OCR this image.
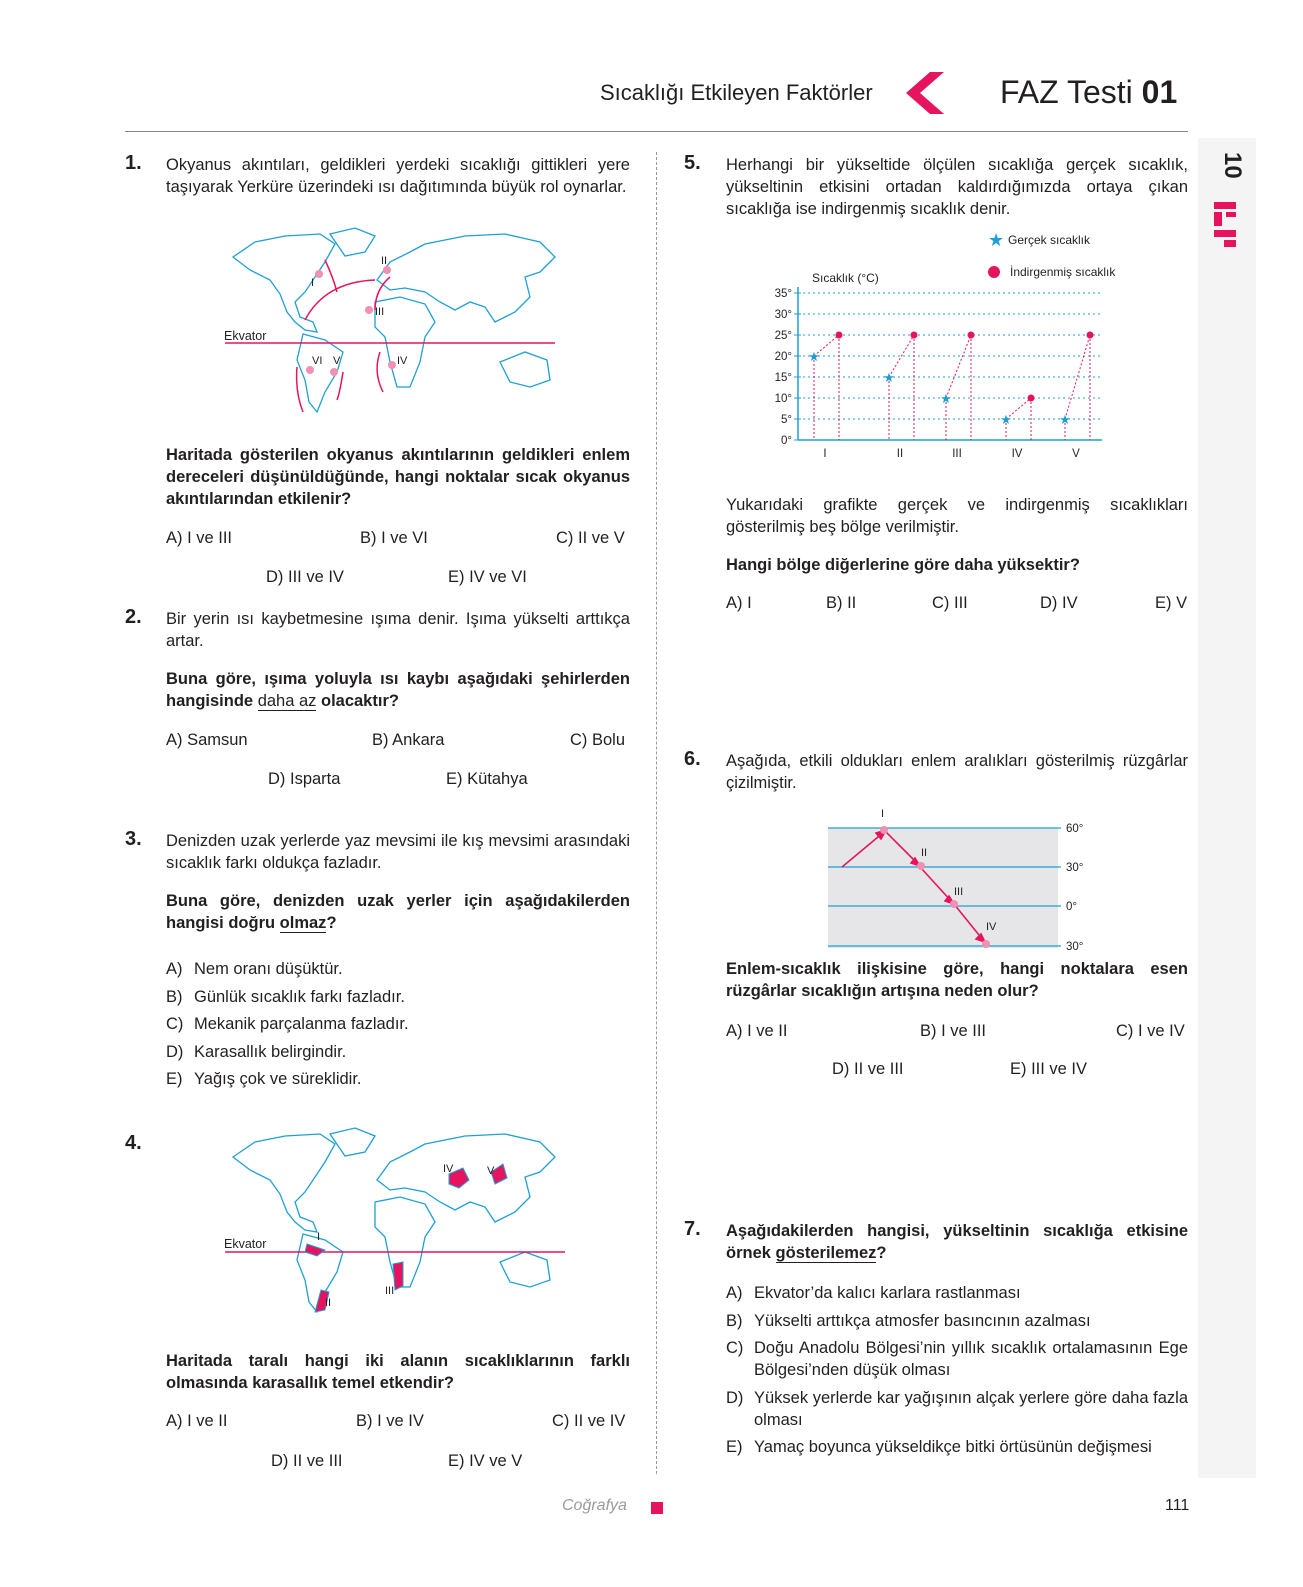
Sıcaklığı Etkileyen Faktörler	FAZ Testi 01
10
1. Okyanus akıntıları, geldikleri yerdeki sıcaklığı gittikleri yere taşıyarak Yerküre üzerindeki ısı dağıtımında büyük rol oynarlar.
Ekvator
I
II
III
IV
V
VI
Haritada gösterilen okyanus akıntılarının geldikleri enlem dereceleri düşünüldüğünde, hangi noktalar sıcak okyanus akıntılarından etkilenir?
A) I ve III	B) I ve VI	C) II ve V
D) III ve IV	E) IV ve VI
2. Bir yerin ısı kaybetmesine ışıma denir. Işıma yükselti arttıkça artar.
Buna göre, ışıma yoluyla ısı kaybı aşağıdaki şehirlerden hangisinde daha az olacaktır?
A) Samsun	B) Ankara	C) Bolu
D) Isparta	E) Kütahya
3. Denizden uzak yerlerde yaz mevsimi ile kış mevsimi arasındaki sıcaklık farkı oldukça fazladır.
Buna göre, denizden uzak yerler için aşağıdakilerden hangisi doğru olmaz?
A) Nem oranı düşüktür.
B) Günlük sıcaklık farkı fazladır.
C) Mekanik parçalanma fazladır.
D) Karasallık belirgindir.
E) Yağış çok ve süreklidir.
4.
Ekvator	I
II
III
IV	V
Haritada taralı hangi iki alanın sıcaklıklarının farklı olmasında karasallık temel etkendir?
A) I ve II	B) I ve IV	C) II ve IV
D) II ve III	E) IV ve V
5. Herhangi bir yükseltide ölçülen sıcaklığa gerçek sıcaklık, yükseltinin etkisini ortadan kaldırdığımızda ortaya çıkan sıcaklığa ise indirgenmiş sıcaklık denir.
★
★
★
★	★
0°
5°
10°
15°
20°
25°
30°
35°
I	II	III	IV	V
Sıcaklık (°C)
★ Gerçek sıcaklık
İndirgenmiş sıcaklık
Yukarıdaki grafikte gerçek ve indirgenmiş sıcaklıkları gösterilmiş beş bölge verilmiştir.
Hangi bölge diğerlerine göre daha yüksektir?
A) I	B) II	C) III	D) IV	E) V
6. Aşağıda, etkili oldukları enlem aralıkları gösterilmiş rüzgârlar çizilmiştir.
60°
30°
0°
30°
I
II
III
IV
Enlem-sıcaklık ilişkisine göre, hangi noktalara esen rüzgârlar sıcaklığın artışına neden olur?
A) I ve II	B) I ve III	C) I ve IV
D) II ve III	E) III ve IV
7. Aşağıdakilerden hangisi, yükseltinin sıcaklığa etkisine örnek gösterilemez?
A) Ekvator’da kalıcı karlara rastlanması
B) Yükselti arttıkça atmosfer basıncının azalması
C) Doğu Anadolu Bölgesi’nin yıllık sıcaklık ortalamasının Ege Bölgesi’nden düşük olması
D) Yüksek yerlerde kar yağışının alçak yerlere göre daha fazla olması
E) Yamaç boyunca yükseldikçe bitki örtüsünün değişmesi
Coğrafya	111
